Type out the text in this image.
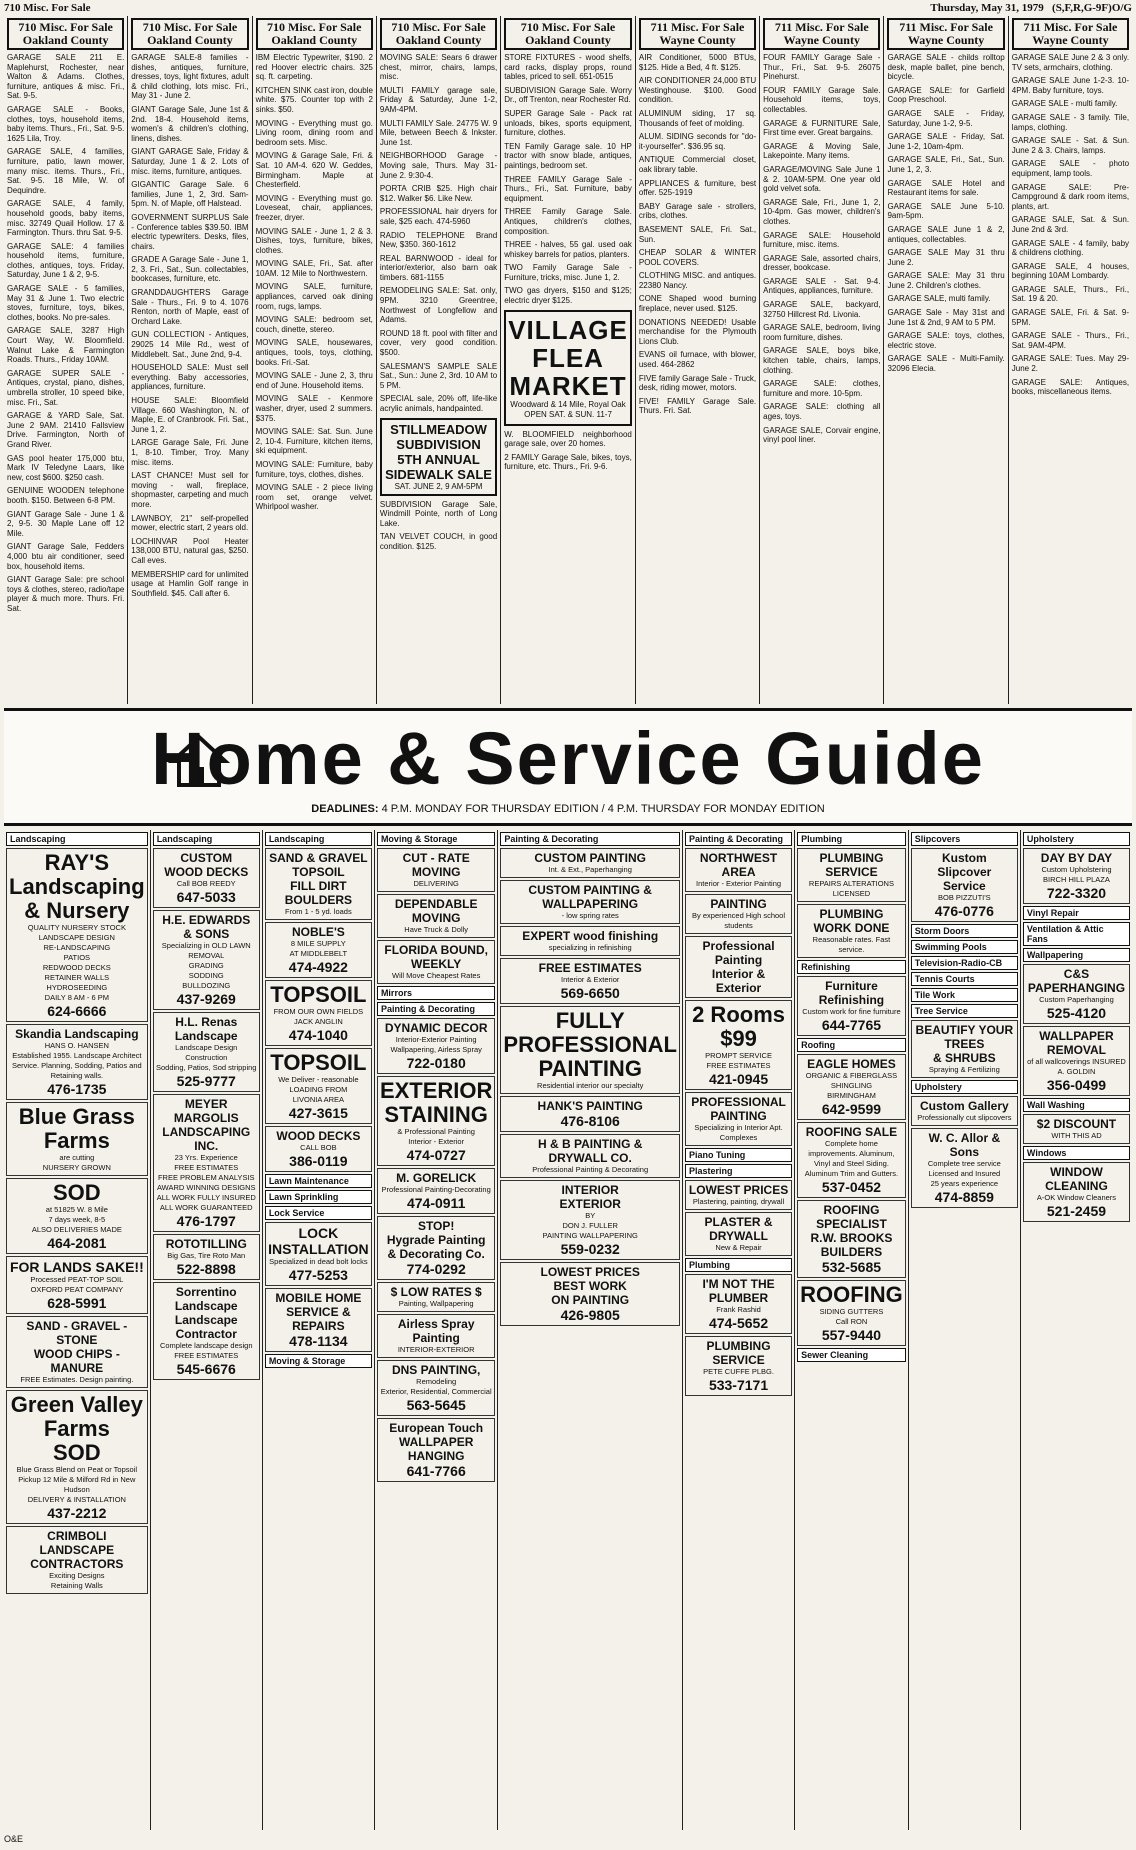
710 Misc. For Sale	Thursday, May 31, 1979 (S,F,R,G-9F)O/G
710 Misc. For Sale Oakland County
GARAGE SALE 211 E. Maplehurst, Rochester, near Walton & Adams. Clothes, furniture, antiques & misc. Fri., Sat. 9-5.
GARAGE SALE - Books, clothes, toys, household items, baby items. Thurs., Fri., Sat. 9-5. 1625 Lila, Troy.
GARAGE SALE, 4 families, furniture, patio, lawn mower, many misc. items. Thurs., Fri., Sat. 9-5. 18 Mile, W. of Dequindre.
GARAGE SALE, 4 family, household goods, baby items, misc. 32749 Quail Hollow. 17 & Farmington. Thurs. thru Sat. 9-5.
GARAGE SALE: 4 families household items, furniture, clothes, antiques, toys. Friday, Saturday, June 1 & 2, 9-5.
GARAGE SALE - 5 families, May 31 & June 1. Two electric stoves, furniture, toys, bikes, clothes, books. No pre-sales.
GARAGE SALE, 3287 High Court Way, W. Bloomfield. Walnut Lake & Farmington Roads. Thurs., Friday 10AM.
GARAGE SUPER SALE - Antiques, crystal, piano, dishes, umbrella stroller, 10 speed bike, misc. Fri., Sat.
GARAGE & YARD Sale, Sat. June 2 9AM. 21410 Fallsview Drive. Farmington, North of Grand River.
GAS pool heater 175,000 btu, Mark IV Teledyne Laars, like new, cost $600. $250 cash.
GENUINE WOODEN telephone booth. $150. Between 6-8 PM.
GIANT Garage Sale - June 1 & 2, 9-5. 30 Maple Lane off 12 Mile.
GIANT Garage Sale, Fedders 4,000 btu air conditioner, seed box, household items.
GIANT Garage Sale: pre school toys & clothes, stereo, radio/tape player & much more. Thurs. Fri. Sat.
710 Misc. For Sale Oakland County
GARAGE SALE-8 families - dishes, antiques, furniture, dresses, toys, light fixtures, adult & child clothing, lots misc. Fri., May 31 - June 2.
GIANT Garage Sale, June 1st & 2nd. 18-4. Household items, women's & children's clothing, linens, dishes.
GIANT GARAGE Sale, Friday & Saturday, June 1 & 2. Lots of misc. items, furniture, antiques.
GIGANTIC Garage Sale. 6 families, June 1, 2, 3rd. Sam-5pm. N. of Maple, off Halstead.
GOVERNMENT SURPLUS Sale - Conference tables $39.50. IBM electric typewriters. Desks, files, chairs.
GRADE A Garage Sale - June 1, 2, 3. Fri., Sat., Sun. collectables, bookcases, furniture, etc.
GRANDDAUGHTERS Garage Sale - Thurs., Fri. 9 to 4. 1076 Renton, north of Maple, east of Orchard Lake.
GUN COLLECTION - Antiques, 29025 14 Mile Rd., west of Middlebelt. Sat., June 2nd, 9-4.
HOUSEHOLD SALE: Must sell everything. Baby accessories, appliances, furniture.
HOUSE SALE: Bloomfield Village. 660 Washington, N. of Maple, E. of Cranbrook. Fri. Sat., June 1, 2.
LARGE Garage Sale, Fri. June 1, 8-10. Timber, Troy. Many misc. items.
LAST CHANCE! Must sell for moving - wall, fireplace, shopmaster, carpeting and much more.
LAWNBOY, 21" self-propelled mower, electric start, 2 years old.
LOCHINVAR Pool Heater 138,000 BTU, natural gas, $250. Call eves.
MEMBERSHIP card for unlimited usage at Hamlin Golf range in Southfield. $45. Call after 6.
710 Misc. For Sale Oakland County
IBM Electric Typewriter, $190. 2 red Hoover electric chairs. 325 sq. ft. carpeting.
KITCHEN SINK cast iron, double white. $75. Counter top with 2 sinks. $50.
MOVING - Everything must go. Living room, dining room and bedroom sets. Misc.
MOVING & Garage Sale, Fri. & Sat. 10 AM-4. 620 W. Geddes, Birmingham. Maple at Chesterfield.
MOVING - Everything must go. Loveseat, chair, appliances, freezer, dryer.
MOVING SALE - June 1, 2 & 3. Dishes, toys, furniture, bikes, clothes.
MOVING SALE, Fri., Sat. after 10AM. 12 Mile to Northwestern.
MOVING SALE, furniture, appliances, carved oak dining room, rugs, lamps.
MOVING SALE: bedroom set, couch, dinette, stereo.
MOVING SALE, housewares, antiques, tools, toys, clothing, books. Fri.-Sat.
MOVING SALE - June 2, 3, thru end of June. Household items.
MOVING SALE - Kenmore washer, dryer, used 2 summers. $375.
MOVING SALE: Sat. Sun. June 2, 10-4. Furniture, kitchen items, ski equipment.
MOVING SALE: Furniture, baby furniture, toys, clothes, dishes.
MOVING SALE - 2 piece living room set, orange velvet. Whirlpool washer.
710 Misc. For Sale Oakland County
MOVING SALE: Sears 6 drawer chest, mirror, chairs, lamps, misc.
MULTI FAMILY garage sale, Friday & Saturday, June 1-2, 9AM-4PM.
MULTI FAMILY Sale. 24775 W. 9 Mile, between Beech & Inkster. June 1st.
NEIGHBORHOOD Garage - Moving sale, Thurs. May 31-June 2. 9:30-4.
PORTA CRIB $25. High chair $12. Walker $6. Like New.
PROFESSIONAL hair dryers for sale, $25 each. 474-5960
RADIO TELEPHONE Brand New, $350. 360-1612
REAL BARNWOOD - ideal for interior/exterior, also barn oak timbers. 681-1155
REMODELING SALE: Sat. only, 9PM. 3210 Greentree, Northwest of Longfellow and Adams.
ROUND 18 ft. pool with filter and cover, very good condition. $500.
SALESMAN'S SAMPLE SALE Sat., Sun.: June 2, 3rd. 10 AM to 5 PM.
SPECIAL sale, 20% off, life-like acrylic animals, handpainted.
STILLMEADOW
SUBDIVISION
5TH ANNUAL
SIDEWALK SALE
SAT. JUNE 2, 9 AM-5PM
SUBDIVISION Garage Sale, Windmill Pointe, north of Long Lake.
TAN VELVET COUCH, in good condition. $125.
710 Misc. For Sale Oakland County
STORE FIXTURES - wood shelfs, card racks, display props, round tables, priced to sell. 651-0515
SUBDIVISION Garage Sale. Worry Dr., off Trenton, near Rochester Rd.
SUPER Garage Sale - Pack rat unloads, bikes, sports equipment, furniture, clothes.
TEN Family Garage sale. 10 HP tractor with snow blade, antiques, paintings, bedroom set.
THREE FAMILY Garage Sale - Thurs., Fri., Sat. Furniture, baby equipment.
THREE Family Garage Sale. Antiques, children's clothes, composition.
THREE - halves, 55 gal. used oak whiskey barrels for patios, planters.
TWO Family Garage Sale - Furniture, tricks, misc. June 1, 2.
TWO gas dryers, $150 and $125; electric dryer $125.
VILLAGE
FLEA
MARKET
Woodward & 14 Mile, Royal Oak
OPEN SAT. & SUN. 11-7
W. BLOOMFIELD neighborhood garage sale, over 20 homes.
2 FAMILY Garage Sale, bikes, toys, furniture, etc. Thurs., Fri. 9-6.
711 Misc. For Sale Wayne County
AIR Conditioner, 5000 BTUs, $125. Hide a Bed, 4 ft. $125.
AIR CONDITIONER 24,000 BTU Westinghouse. $100. Good condition.
ALUMINUM siding, 17 sq. Thousands of feet of molding.
ALUM. SIDING seconds for "do-it-yourselfer". $36.95 sq.
ANTIQUE Commercial closet, oak library table.
APPLIANCES & furniture, best offer. 525-1919
BABY Garage sale - strollers, cribs, clothes.
BASEMENT SALE, Fri. Sat., Sun.
CHEAP SOLAR & WINTER POOL COVERS.
CLOTHING MISC. and antiques. 22380 Nancy.
CONE Shaped wood burning fireplace, never used. $125.
DONATIONS NEEDED! Usable merchandise for the Plymouth Lions Club.
EVANS oil furnace, with blower, used. 464-2862
FIVE family Garage Sale - Truck, desk, riding mower, motors.
FIVE! FAMILY Garage Sale. Thurs. Fri. Sat.
711 Misc. For Sale Wayne County
FOUR FAMILY Garage Sale - Thur., Fri., Sat. 9-5. 26075 Pinehurst.
FOUR FAMILY Garage Sale. Household items, toys, collectables.
GARAGE & FURNITURE Sale, First time ever. Great bargains.
GARAGE & Moving Sale, Lakepointe. Many items.
GARAGE/MOVING Sale June 1 & 2. 10AM-5PM. One year old gold velvet sofa.
GARAGE Sale, Fri., June 1, 2, 10-4pm. Gas mower, children's clothes.
GARAGE SALE: Household furniture, misc. items.
GARAGE Sale, assorted chairs, dresser, bookcase.
GARAGE SALE - Sat. 9-4. Antiques, appliances, furniture.
GARAGE SALE, backyard, 32750 Hillcrest Rd. Livonia.
GARAGE SALE, bedroom, living room furniture, dishes.
GARAGE SALE, boys bike, kitchen table, chairs, lamps, clothing.
GARAGE SALE: clothes, furniture and more. 10-5pm.
GARAGE SALE: clothing all ages, toys.
GARAGE SALE, Corvair engine, vinyl pool liner.
711 Misc. For Sale Wayne County
GARAGE SALE - childs rolltop desk, maple ballet, pine bench, bicycle.
GARAGE SALE: for Garfield Coop Preschool.
GARAGE SALE - Friday, Saturday, June 1-2, 9-5.
GARAGE SALE - Friday, Sat. June 1-2, 10am-4pm.
GARAGE SALE, Fri., Sat., Sun. June 1, 2, 3.
GARAGE SALE Hotel and Restaurant items for sale.
GARAGE SALE June 5-10. 9am-5pm.
GARAGE SALE June 1 & 2, antiques, collectables.
GARAGE SALE May 31 thru June 2.
GARAGE SALE: May 31 thru June 2. Children's clothes.
GARAGE SALE, multi family.
GARAGE Sale - May 31st and June 1st & 2nd, 9 AM to 5 PM.
GARAGE SALE: toys, clothes, electric stove.
GARAGE SALE - Multi-Family. 32096 Elecia.
711 Misc. For Sale Wayne County
GARAGE SALE June 2 & 3 only. TV sets, armchairs, clothing.
GARAGE SALE June 1-2-3. 10-4PM. Baby furniture, toys.
GARAGE SALE - multi family.
GARAGE SALE - 3 family. Tile, lamps, clothing.
GARAGE SALE - Sat. & Sun. June 2 & 3. Chairs, lamps.
GARAGE SALE - photo equipment, lamp tools.
GARAGE SALE: Pre-Campground & dark room items, plants, art.
GARAGE SALE, Sat. & Sun. June 2nd & 3rd.
GARAGE SALE - 4 family, baby & childrens clothing.
GARAGE SALE, 4 houses, beginning 10AM Lombardy.
GARAGE SALE, Thurs., Fri., Sat. 19 & 20.
GARAGE SALE, Fri. & Sat. 9-5PM.
GARAGE SALE - Thurs., Fri., Sat. 9AM-4PM.
GARAGE SALE: Tues. May 29-June 2.
GARAGE SALE: Antiques, books, miscellaneous items.
Home & Service Guide
DEADLINES: 4 P.M. MONDAY FOR THURSDAY EDITION / 4 P.M. THURSDAY FOR MONDAY EDITION
Landscaping
RAY'S
Landscaping
& Nursery
QUALITY NURSERY STOCK
LANDSCAPE DESIGN
RE-LANDSCAPING
PATIOS
REDWOOD DECKS
RETAINER WALLS
HYDROSEEDING
DAILY 8 AM - 6 PM
624-6666
Skandia Landscaping
HANS O. HANSEN
Established 1955. Landscape Architect Service. Planning, Sodding, Patios and Retaining walls.
476-1735
Blue Grass
Farms
are cutting
NURSERY GROWN
SOD
at 51825 W. 8 Mile
7 days week, 8-5
ALSO DELIVERIES MADE
464-2081
FOR LANDS SAKE!!
Processed PEAT-TOP SOIL
OXFORD PEAT COMPANY
628-5991
SAND - GRAVEL - STONE
WOOD CHIPS - MANURE
FREE Estimates. Design painting.
Green Valley
Farms
SOD
Blue Grass Blend on Peat or Topsoil
Pickup 12 Mile & Milford Rd in New Hudson
DELIVERY & INSTALLATION
437-2212
CRIMBOLI
LANDSCAPE
CONTRACTORS
Exciting Designs
Retaining Walls
Landscaping
CUSTOM
WOOD DECKS
Call BOB REEDY
647-5033
H.E. EDWARDS
& SONS
Specializing in OLD LAWN REMOVAL
GRADING
SODDING
BULLDOZING
437-9269
H.L. Renas Landscape
Landscape Design Construction
Sodding, Patios, Sod stripping
525-9777
MEYER
MARGOLIS
LANDSCAPING INC.
23 Yrs. Experience
FREE ESTIMATES
FREE PROBLEM ANALYSIS
AWARD WINNING DESIGNS
ALL WORK FULLY INSURED
ALL WORK GUARANTEED
476-1797
ROTOTILLING
Big Gas, Tire Roto Man
522-8898
Sorrentino Landscape
Landscape Contractor
Complete landscape design
FREE ESTIMATES
545-6676
Landscaping
SAND & GRAVEL
TOPSOIL
FILL DIRT
BOULDERS
From 1 - 5 yd. loads
NOBLE'S
8 MILE SUPPLY
AT MIDDLEBELT
474-4922
TOPSOIL
FROM OUR OWN FIELDS
JACK ANGLIN
474-1040
TOPSOIL
We Deliver - reasonable
LOADING FROM
LIVONIA AREA
427-3615
WOOD DECKS
CALL BOB
386-0119
Lawn Maintenance
Lawn Sprinkling
Lock Service
LOCK INSTALLATION
Specialized in dead bolt locks
477-5253
MOBILE HOME
SERVICE & REPAIRS
478-1134
Moving & Storage
Moving & Storage
CUT - RATE MOVING
DELIVERING
DEPENDABLE MOVING
Have Truck & Dolly
FLORIDA BOUND, WEEKLY
Will Move Cheapest Rates
Mirrors
Painting & Decorating
DYNAMIC DECOR
Interior-Exterior Painting
Wallpapering, Airless Spray
722-0180
EXTERIOR
STAINING
& Professional Painting
Interior - Exterior
474-0727
M. GORELICK
Professional Painting-Decorating
474-0911
STOP!
Hygrade Painting
& Decorating Co.
774-0292
$ LOW RATES $
Painting, Wallpapering
Airless Spray Painting
INTERIOR-EXTERIOR
DNS PAINTING,
Remodeling
Exterior, Residential, Commercial
563-5645
European Touch
WALLPAPER HANGING
641-7766
Painting & Decorating
CUSTOM PAINTING
Int. & Ext., Paperhanging
CUSTOM PAINTING & WALLPAPERING
- low spring rates
EXPERT wood finishing
specializing in refinishing
FREE ESTIMATES
Interior & Exterior
569-6650
FULLY
PROFESSIONAL
PAINTING
Residential interior our specialty
HANK'S PAINTING
476-8106
H & B PAINTING &
DRYWALL CO.
Professional Painting & Decorating
INTERIOR
EXTERIOR
BY
DON J. FULLER
PAINTING WALLPAPERING
559-0232
LOWEST PRICES
BEST WORK
ON PAINTING
426-9805
Painting & Decorating
NORTHWEST AREA
Interior - Exterior Painting
PAINTING
By experienced High school students
Professional Painting
Interior & Exterior
2 Rooms $99
PROMPT SERVICE
FREE ESTIMATES
421-0945
PROFESSIONAL PAINTING
Specializing in Interior Apt. Complexes
Piano Tuning
Plastering
LOWEST PRICES
Plastering, painting, drywall
PLASTER & DRYWALL
New & Repair
Plumbing
I'M NOT THE PLUMBER
Frank Rashid
474-5652
PLUMBING SERVICE
PETE CUFFE PLBG.
533-7171
Plumbing
PLUMBING SERVICE
REPAIRS ALTERATIONS
LICENSED
PLUMBING WORK DONE
Reasonable rates. Fast service.
Refinishing
Furniture Refinishing
Custom work for fine furniture
644-7765
Roofing
EAGLE HOMES
ORGANIC & FIBERGLASS SHINGLING
BIRMINGHAM
642-9599
ROOFING SALE
Complete home improvements. Aluminum, Vinyl and Steel Siding. Aluminum Trim and Gutters.
537-0452
ROOFING SPECIALIST
R.W. BROOKS
BUILDERS
532-5685
ROOFING
SIDING GUTTERS
Call RON
557-9440
Sewer Cleaning
Slipcovers
Kustom Slipcover
Service
BOB PIZZUTI'S
476-0776
Storm Doors
Swimming Pools
Television-Radio-CB
Tennis Courts
Tile Work
Tree Service
BEAUTIFY YOUR TREES
& SHRUBS
Spraying & Fertilizing
Upholstery
Custom Gallery
Professionally cut slipcovers
W. C. Allor & Sons
Complete tree service
Licensed and Insured
25 years experience
474-8859
Upholstery
DAY BY DAY
Custom Upholstering
BIRCH HILL PLAZA
722-3320
Vinyl Repair
Ventilation & Attic Fans
Wallpapering
C&S PAPERHANGING
Custom Paperhanging
525-4120
WALLPAPER
REMOVAL
of all wallcoverings INSURED
A. GOLDIN
356-0499
Wall Washing
$2 DISCOUNT
WITH THIS AD
Windows
WINDOW CLEANING
A-OK Window Cleaners
521-2459
O&E
